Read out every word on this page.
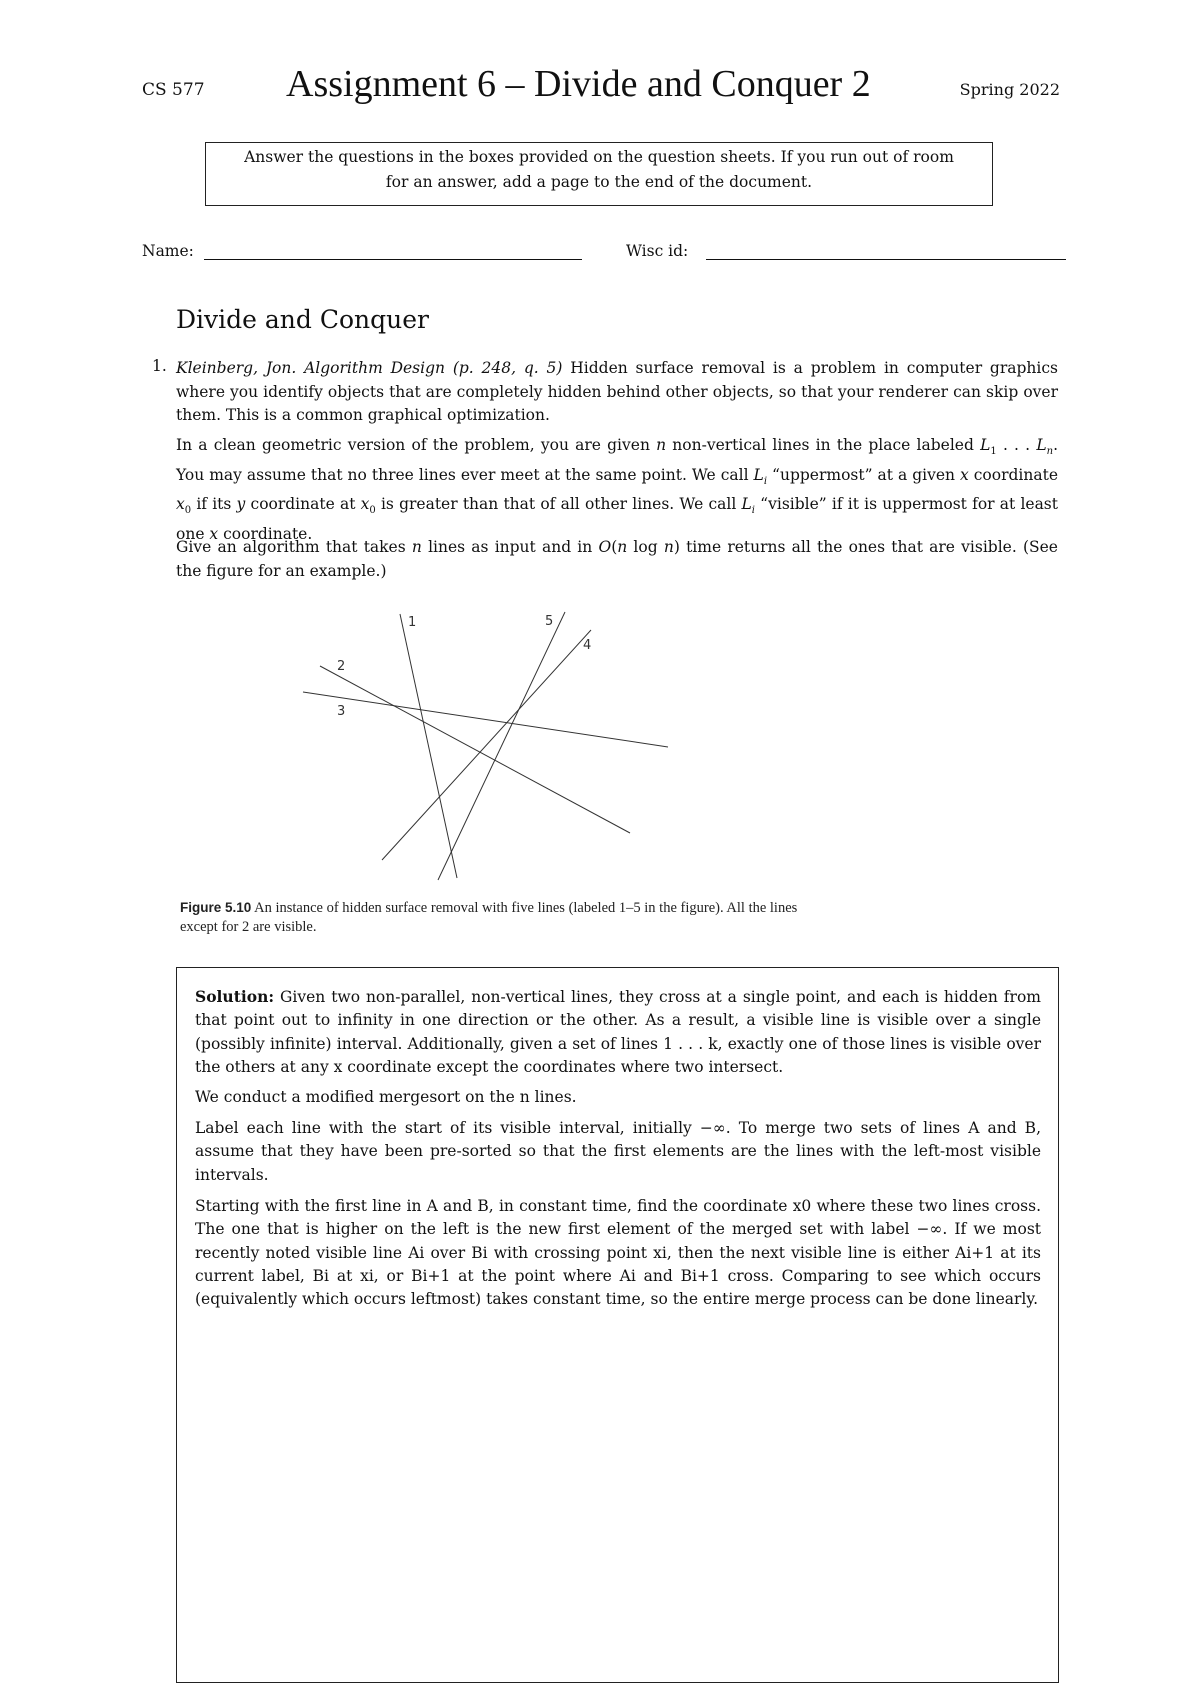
CS 577 Assignment 6 – Divide and Conquer 2	Spring 2022
Answer the questions in the boxes provided on the question sheets. If you run out of room
for an answer, add a page to the end of the document.
Name:	Wisc id:
Divide and Conquer
1. Kleinberg, Jon. Algorithm Design (p. 248, q. 5) Hidden surface removal is a problem in computer graphics where you identify objects that are completely hidden behind other objects, so that your renderer can skip over them. This is a common graphical optimization.
In a clean geometric version of the problem, you are given n non-vertical lines in the place labeled $L_1$ . . . $L_n$. You may assume that no three lines ever meet at the same point. We call $L_i$ “uppermost” at a given x coordinate $x_0$ if its y coordinate at $x_0$ is greater than that of all other lines. We call $L_i$ “visible” if it is uppermost for at least one x coordinate.
Give an algorithm that takes n lines as input and in O(n log n) time returns all the ones that are visible. (See the figure for an example.)
1
2
3
4
5
Figure 5.10 An instance of hidden surface removal with five lines (labeled 1–5 in the figure). All the lines except for 2 are visible.
Solution: Given two non-parallel, non-vertical lines, they cross at a single point, and each is hidden from that point out to infinity in one direction or the other. As a result, a visible line is visible over a single (possibly infinite) interval. Additionally, given a set of lines 1 . . . k, exactly one of those lines is visible over the others at any x coordinate except the coordinates where two intersect.
We conduct a modified mergesort on the n lines.
Label each line with the start of its visible interval, initially −∞. To merge two sets of lines A and B, assume that they have been pre-sorted so that the first elements are the lines with the left-most visible intervals.
Starting with the first line in A and B, in constant time, find the coordinate x0 where these two lines cross. The one that is higher on the left is the new first element of the merged set with label −∞. If we most recently noted visible line Ai over Bi with crossing point xi, then the next visible line is either Ai+1 at its current label, Bi at xi, or Bi+1 at the point where Ai and Bi+1 cross. Comparing to see which occurs (equivalently which occurs leftmost) takes constant time, so the entire merge process can be done linearly.
